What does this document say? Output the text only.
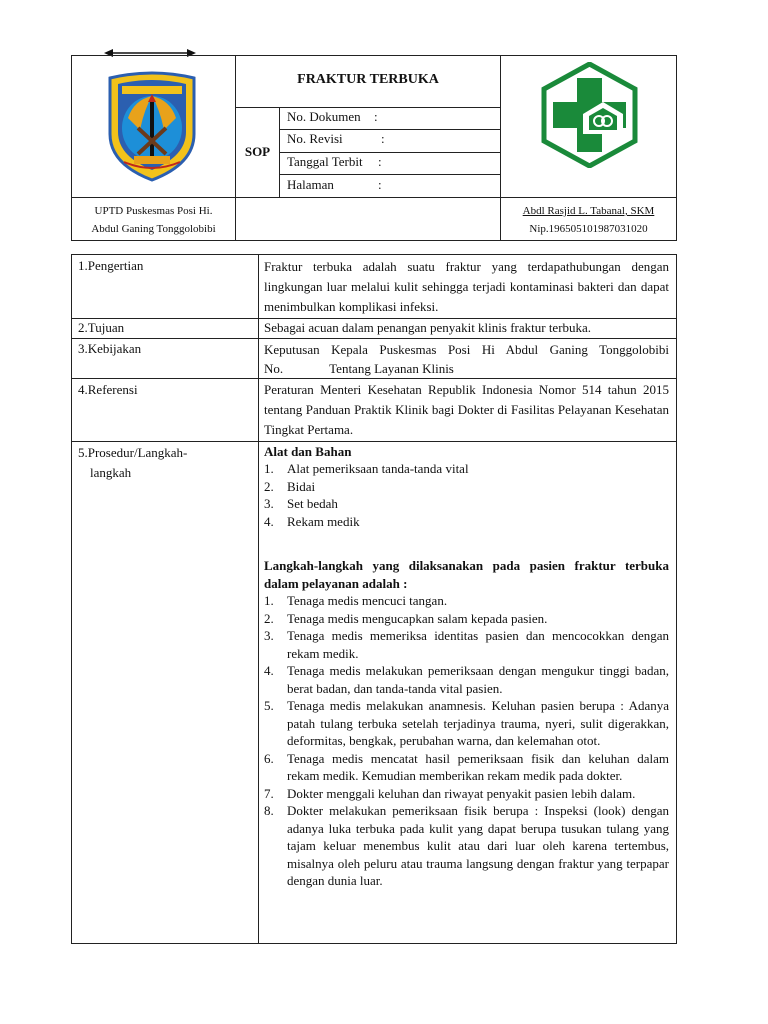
FRAKTUR TERBUKA
SOP
No. Dokumen :
No. Revisi	:
Tanggal Terbit :
Halaman	:
UPTD Puskesmas Posi Hi.
Abdul Ganing Tonggolobibi
Abdl Rasjid L. Tabanal, SKM
Nip.196505101987031020
1.Pengertian	Fraktur terbuka adalah suatu fraktur yang terdapathubungan dengan lingkungan luar melalui kulit sehingga terjadi kontaminasi bakteri dan dapat menimbulkan komplikasi infeksi.

2.Tujuan	Sebagai acuan dalam penangan penyakit klinis fraktur terbuka.

3.Kebijakan	Keputusan Kepala Puskesmas Posi Hi Abdul Ganing Tonggolobibi

No.	Tentang Layanan Klinis

4.Referensi	Peraturan Menteri Kesehatan Republik Indonesia Nomor 514 tahun 2015 tentang Panduan Praktik Klinik bagi Dokter di Fasilitas Pelayanan Kesehatan Tingkat Pertama.

5.Prosedur/Langkah-
langkah
Alat dan Bahan
1. Alat pemeriksaan tanda-tanda vital
2. Bidai
3. Set bedah
4. Rekam medik
Langkah-langkah yang dilaksanakan pada pasien fraktur terbuka dalam pelayanan adalah :
1. Tenaga medis mencuci tangan.
2. Tenaga medis mengucapkan salam kepada pasien.
3. Tenaga medis memeriksa identitas pasien dan mencocokkan dengan rekam medik.
4. Tenaga medis melakukan pemeriksaan dengan mengukur tinggi badan, berat badan, dan tanda-tanda vital pasien.
5. Tenaga medis melakukan anamnesis. Keluhan pasien berupa : Adanya patah tulang terbuka setelah terjadinya trauma, nyeri, sulit digerakkan, deformitas, bengkak, perubahan warna, dan kelemahan otot.
6. Tenaga medis mencatat hasil pemeriksaan fisik dan keluhan dalam rekam medik. Kemudian memberikan rekam medik pada dokter.
7. Dokter menggali keluhan dan riwayat penyakit pasien lebih dalam.
8. Dokter melakukan pemeriksaan fisik berupa : Inspeksi (look) dengan adanya luka terbuka pada kulit yang dapat berupa tusukan tulang yang tajam keluar menembus kulit atau dari luar oleh karena tertembus, misalnya oleh peluru atau trauma langsung dengan fraktur yang terpapar dengan dunia luar.
